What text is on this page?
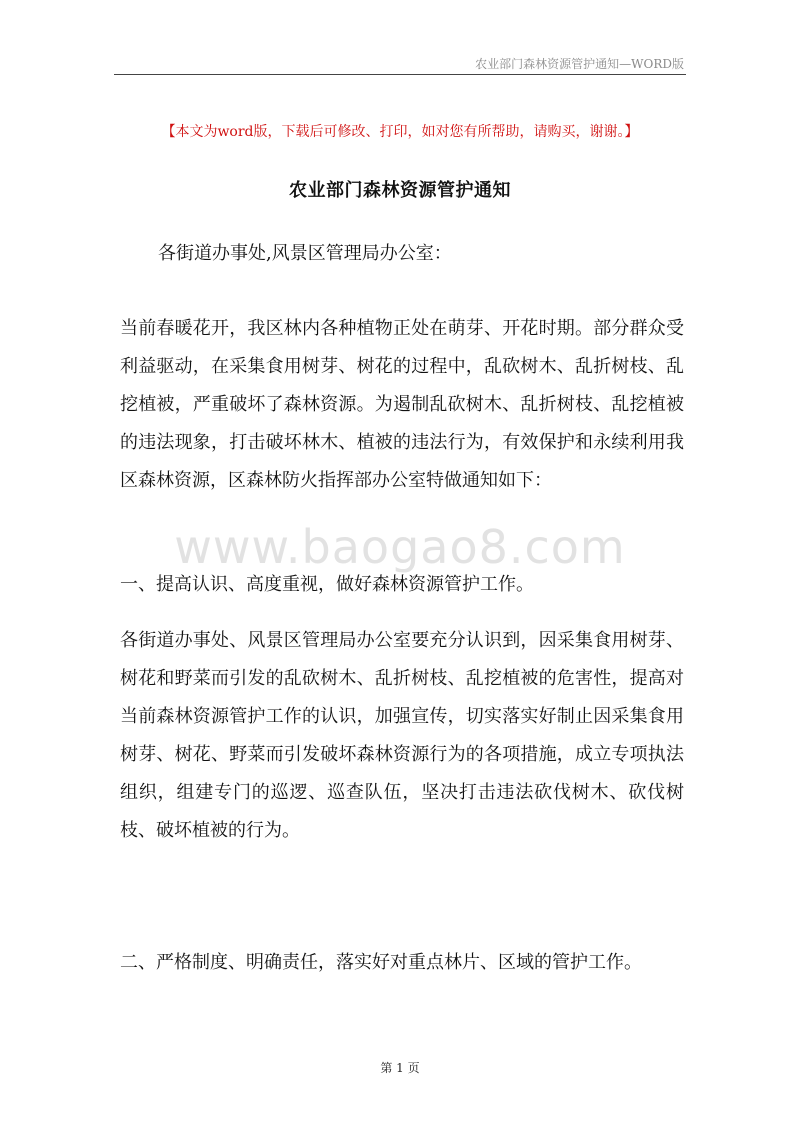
农业部门森林资源管护通知—WORD版
【本文为word版，下载后可修改、打印，如对您有所帮助，请购买，谢谢。】
农业部门森林资源管护通知
各街道办事处,风景区管理局办公室：

当前春暖花开，我区林内各种植物正处在萌芽、开花时期。部分群众受利益驱动，在采集食用树芽、树花的过程中，乱砍树木、乱折树枝、乱挖植被，严重破坏了森林资源。为遏制乱砍树木、乱折树枝、乱挖植被的违法现象，打击破坏林木、植被的违法行为，有效保护和永续利用我区森林资源，区森林防火指挥部办公室特做通知如下：

www.baogao8.com
一、提高认识、高度重视，做好森林资源管护工作。

各街道办事处、风景区管理局办公室要充分认识到，因采集食用树芽、树花和野菜而引发的乱砍树木、乱折树枝、乱挖植被的危害性，提高对当前森林资源管护工作的认识，加强宣传，切实落实好制止因采集食用树芽、树花、野菜而引发破坏森林资源行为的各项措施，成立专项执法组织，组建专门的巡逻、巡查队伍，坚决打击违法砍伐树木、砍伐树枝、破坏植被的行为。

二、严格制度、明确责任，落实好对重点林片、区域的管护工作。
第 1 页
